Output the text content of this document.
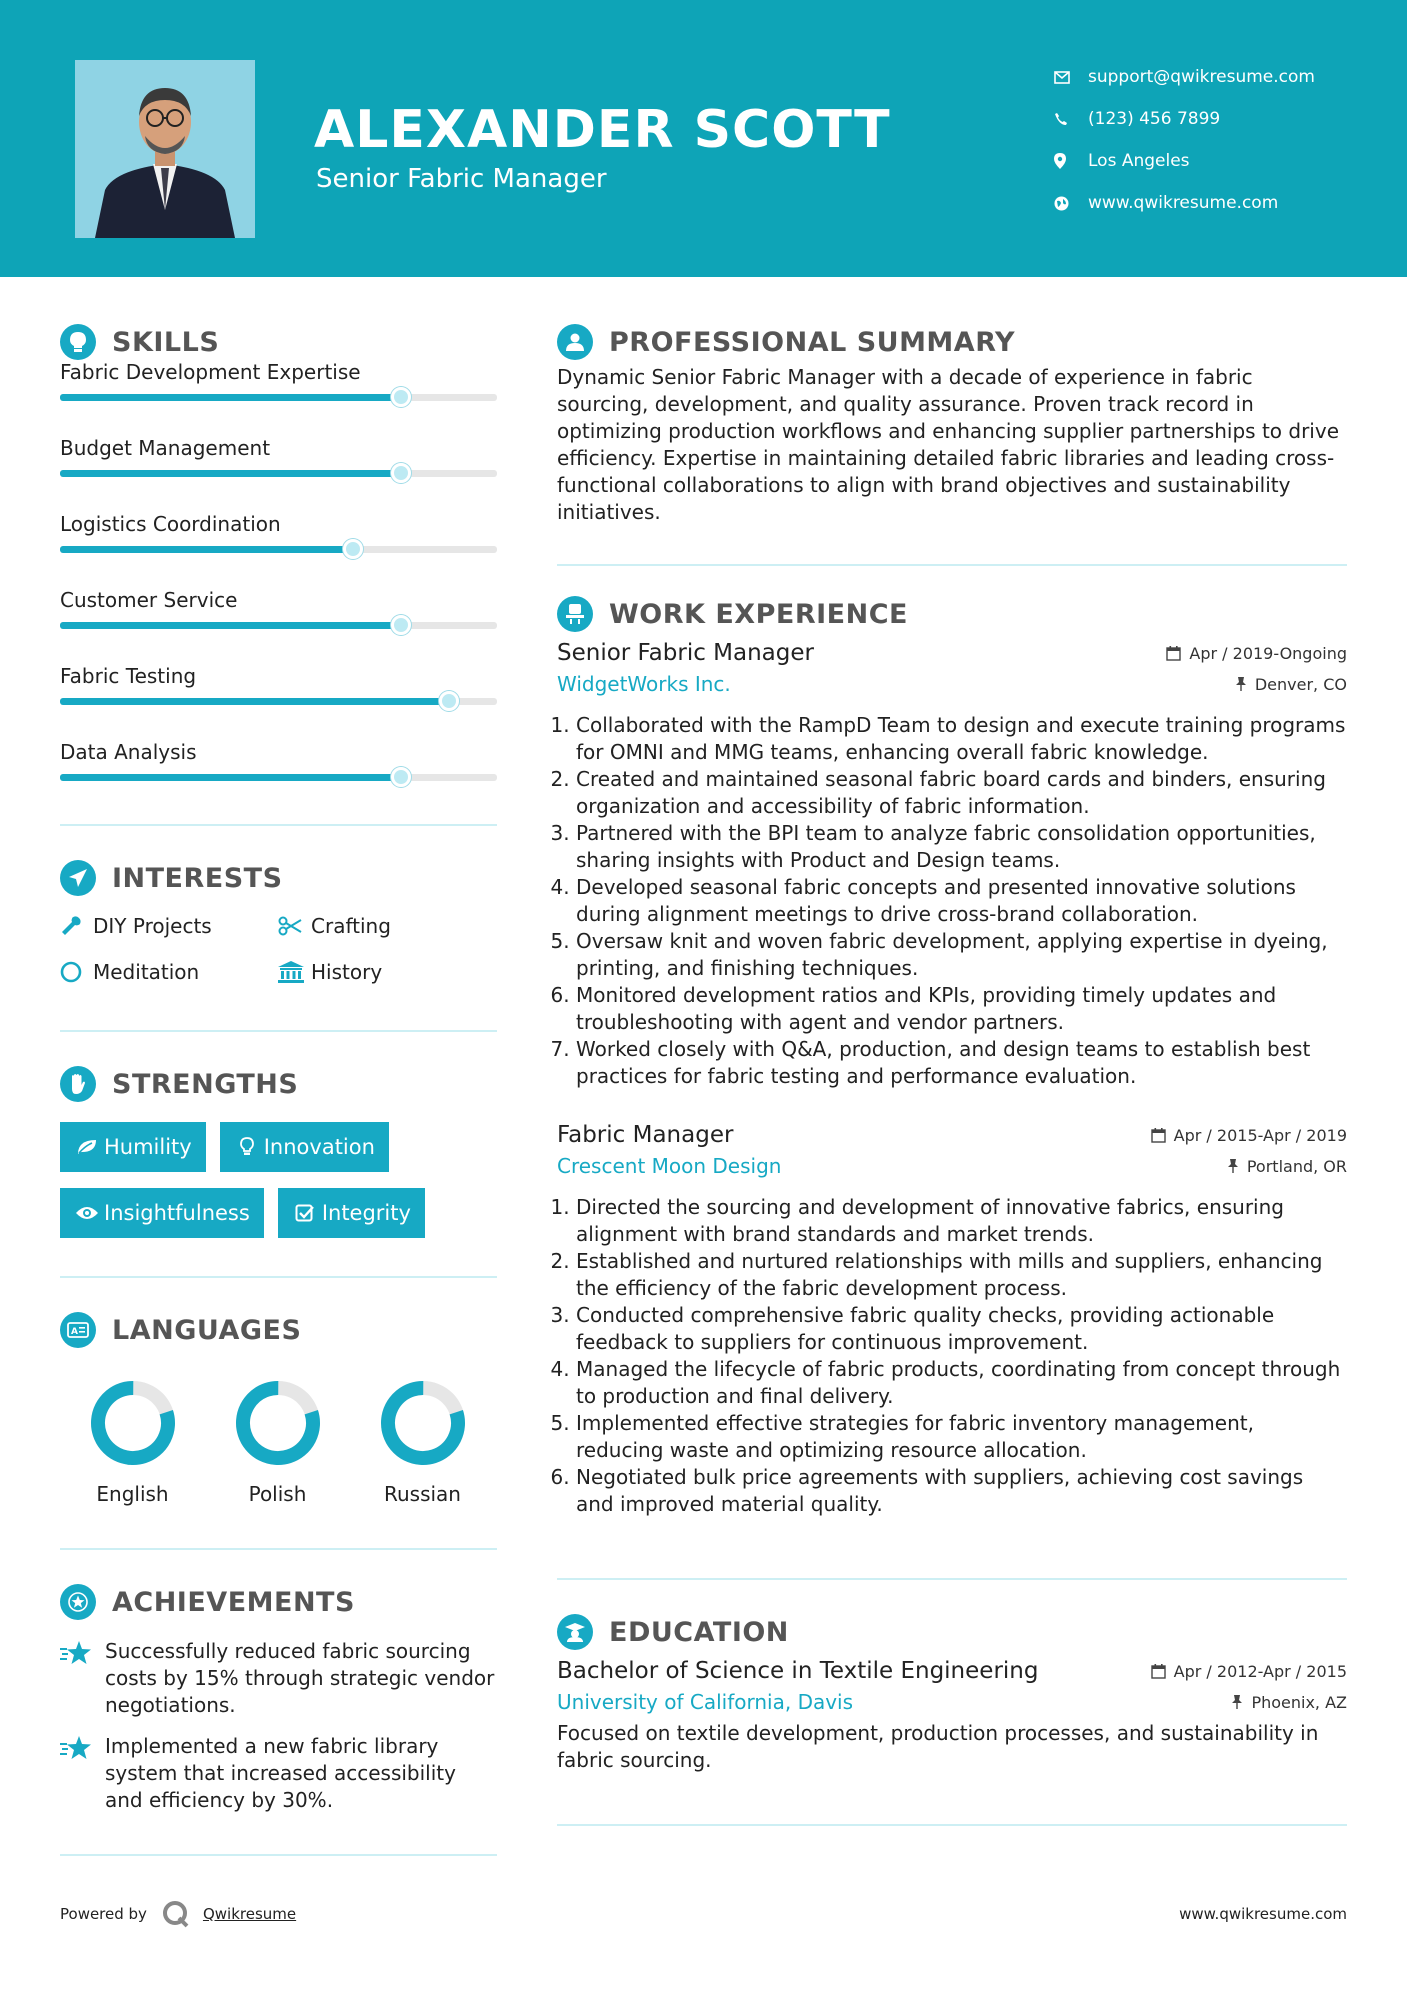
ALEXANDER SCOTT
Senior Fabric Manager
support@qwikresume.com
(123) 456 7899
Los Angeles
www.qwikresume.com
SKILLS
Fabric Development Expertise
Budget Management
Logistics Coordination
Customer Service
Fabric Testing
Data Analysis
INTERESTS
DIY Projects	Crafting
Meditation	History
STRENGTHS
Humility	Innovation
Insightfulness	Integrity
A LANGUAGES
English	Polish	Russian
ACHIEVEMENTS
Successfully reduced fabric sourcing costs by 15% through strategic vendor negotiations.
Implemented a new fabric library system that increased accessibility and efficiency by 30%.
PROFESSIONAL SUMMARY
Dynamic Senior Fabric Manager with a decade of experience in fabric sourcing, development, and quality assurance. Proven track record in optimizing production workflows and enhancing supplier partnerships to drive efficiency. Expertise in maintaining detailed fabric libraries and leading cross-functional collaborations to align with brand objectives and sustainability initiatives.
WORK EXPERIENCE
Senior Fabric Manager	Apr / 2019-Ongoing
WidgetWorks Inc.	Denver, CO
1. Collaborated with the RampD Team to design and execute training programs for OMNI and MMG teams, enhancing overall fabric knowledge.
2. Created and maintained seasonal fabric board cards and binders, ensuring organization and accessibility of fabric information.
3. Partnered with the BPI team to analyze fabric consolidation opportunities, sharing insights with Product and Design teams.
4. Developed seasonal fabric concepts and presented innovative solutions during alignment meetings to drive cross-brand collaboration.
5. Oversaw knit and woven fabric development, applying expertise in dyeing, printing, and finishing techniques.
6. Monitored development ratios and KPIs, providing timely updates and troubleshooting with agent and vendor partners.
7. Worked closely with Q&A, production, and design teams to establish best practices for fabric testing and performance evaluation.
Fabric Manager	Apr / 2015-Apr / 2019
Crescent Moon Design	Portland, OR
1. Directed the sourcing and development of innovative fabrics, ensuring alignment with brand standards and market trends.
2. Established and nurtured relationships with mills and suppliers, enhancing the efficiency of the fabric development process.
3. Conducted comprehensive fabric quality checks, providing actionable feedback to suppliers for continuous improvement.
4. Managed the lifecycle of fabric products, coordinating from concept through to production and final delivery.
5. Implemented effective strategies for fabric inventory management, reducing waste and optimizing resource allocation.
6. Negotiated bulk price agreements with suppliers, achieving cost savings and improved material quality.
EDUCATION
Bachelor of Science in Textile Engineering	Apr / 2012-Apr / 2015
University of California, Davis	Phoenix, AZ
Focused on textile development, production processes, and sustainability in fabric sourcing.
Powered by	Qwikresume	www.qwikresume.com
